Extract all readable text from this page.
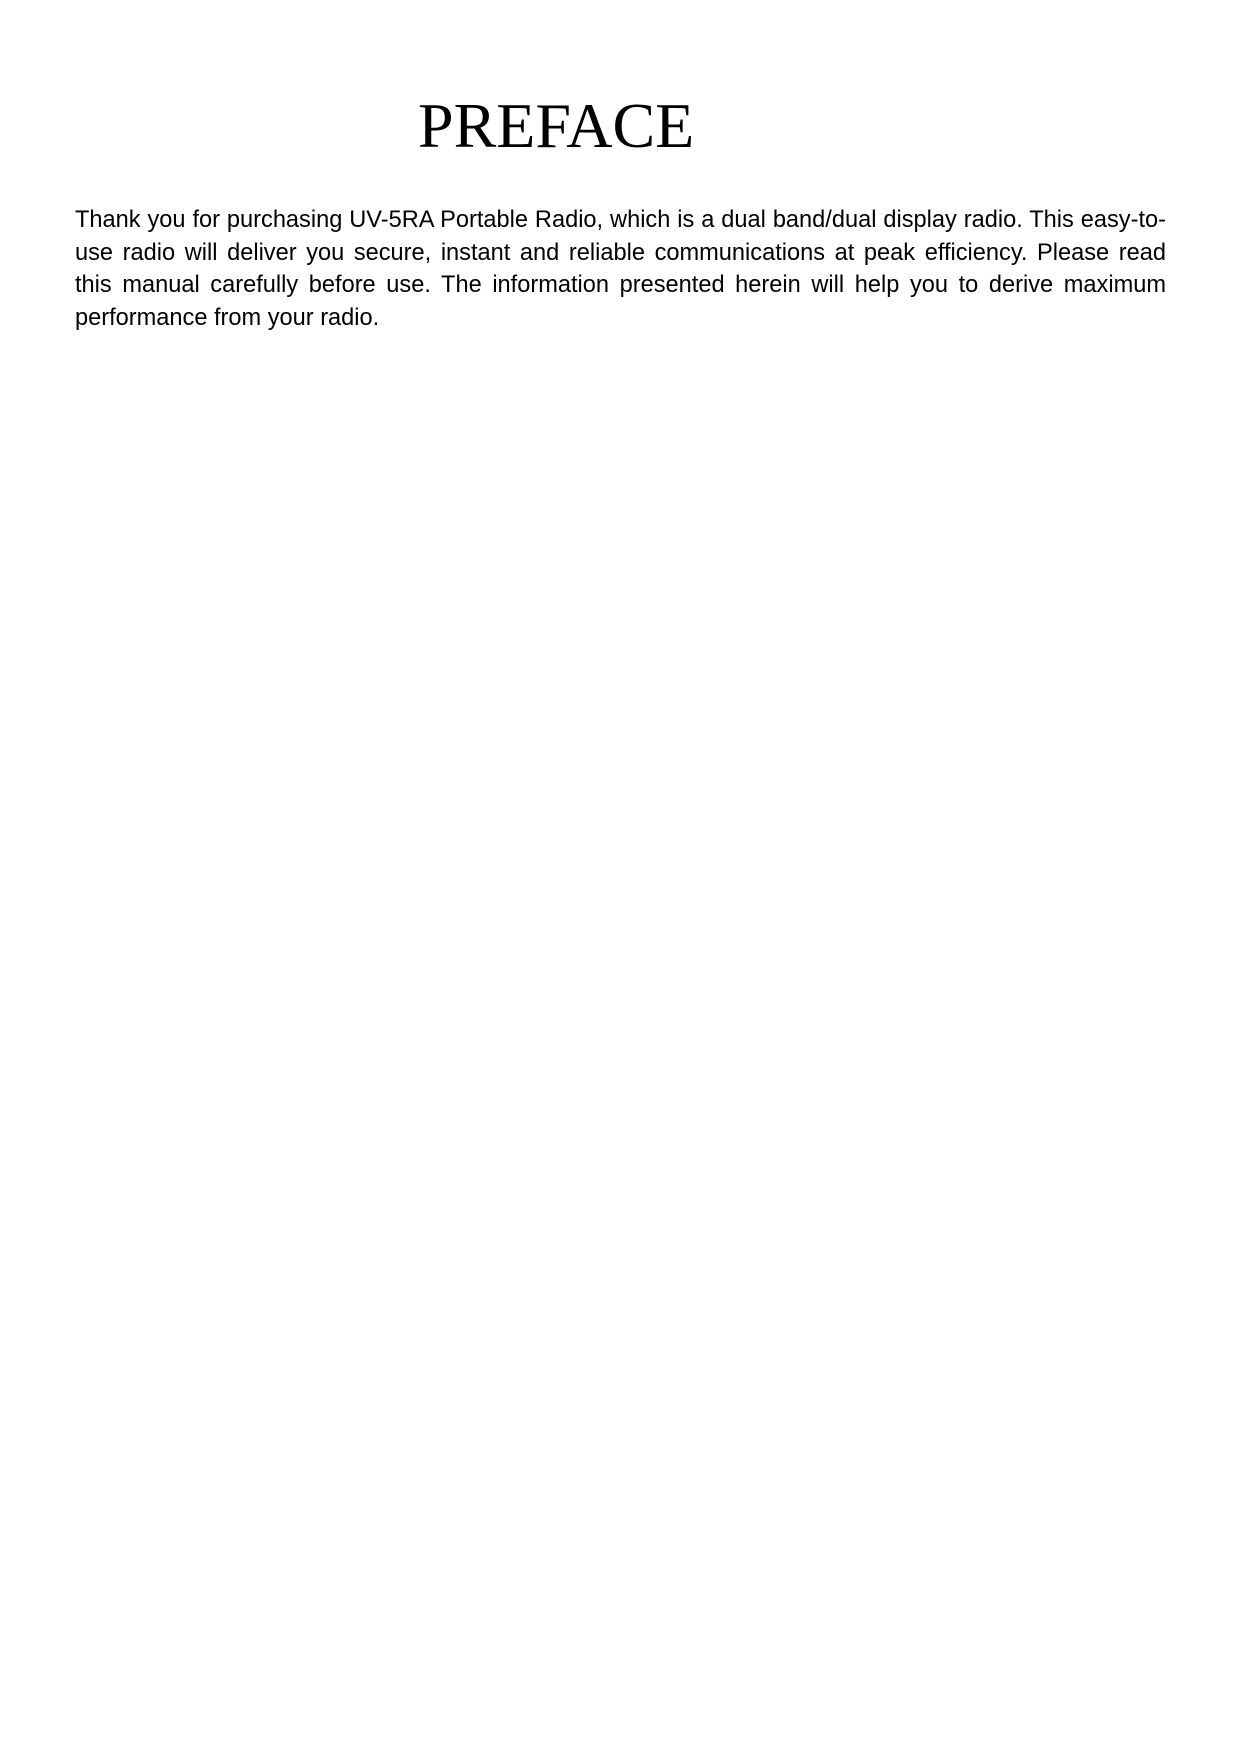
PREFACE

Thank you for purchasing UV-5RA Portable Radio, which is a dual band/dual display radio. This easy-to-use radio will deliver you secure, instant and reliable communications at peak efficiency. Please read this manual carefully before use. The information presented herein will help you to derive maximum performance from your radio.
